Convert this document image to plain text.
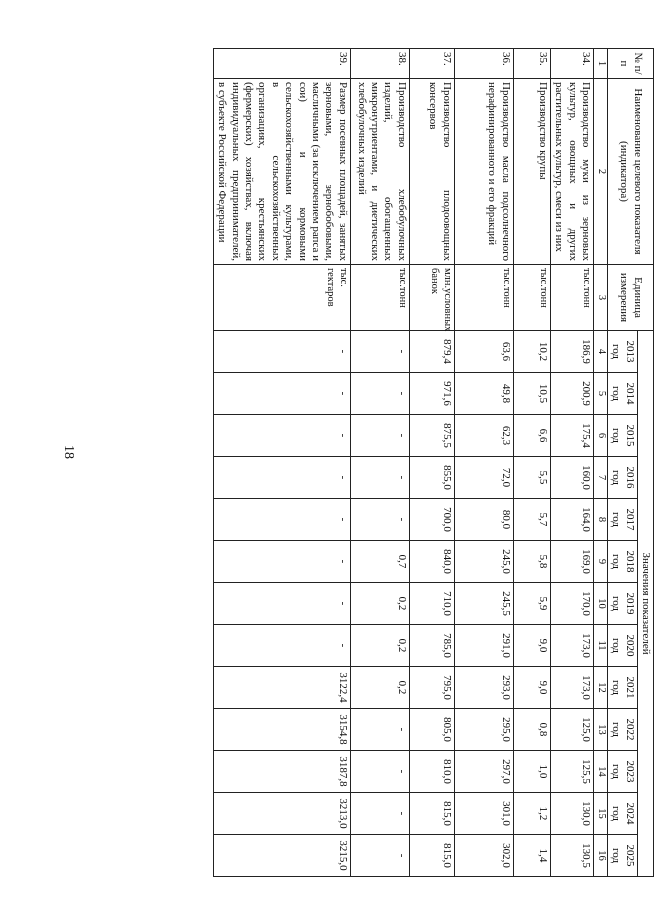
18
№ п/п	Наименование целевого показателя (индикатора)	Единица измерения	Значения показателей												
			2013 год	2014 год	2015 год	2016 год	2017 год	2018 год	2019 год	2020 год	2021 год	2022 год	2023 год	2024 год	2025 год
1	2	3	4	5	6	7	8	9	10	11	12	13	14	15	16
34.	Производство муки из зерновых культур, овощных и других растительных культур, смеси из них	тыс.тонн	186,9	200,9	175,4	160,0	164,0	169,0	170,0	173,0	173,0	125,0	125,5	130,0	130,5
35.	Производство крупы	тыс.тонн	10,2	10,5	6,6	5,5	5,7	5,8	5,9	9,0	9,0	0,8	1,0	1,2	1,4
36.	Производство масла подсолнечного нерафинированного и его фракций	тыс.тонн	63,6	49,8	62,3	72,0	80,0	245,0	245,5	291,0	293,0	295,0	297,0	301,0	302,0
37.	Производство плодоовощных консервов	млн.условных банок	879,4	971,6	875,5	855,0	700,0	840,0	710,0	785,0	795,0	805,0	810,0	815,0	815,0
38.	Производство хлебобулочных изделий, обогащенных микронутриентами, и диетических хлебобулочных изделий	тыс.тонн	-	-	-	-	-	0,7	0,2	0,2	0,2	-	-	-	-
39.	Размер посевных площадей, занятых зерновыми, зернобобовыми, масличными (за исключением рапса и сои) и кормовыми сельскохозяйственными культурами, в сельскохозяйственных организациях, крестьянских (фермерских) хозяйствах, включая индивидуальных предпринимателей, в субъекте Российской Федерации	тыс. гектаров	-	-	-	-	-	-	-	-	3122,4	3154,8	3187,8	3213,0	3215,0
